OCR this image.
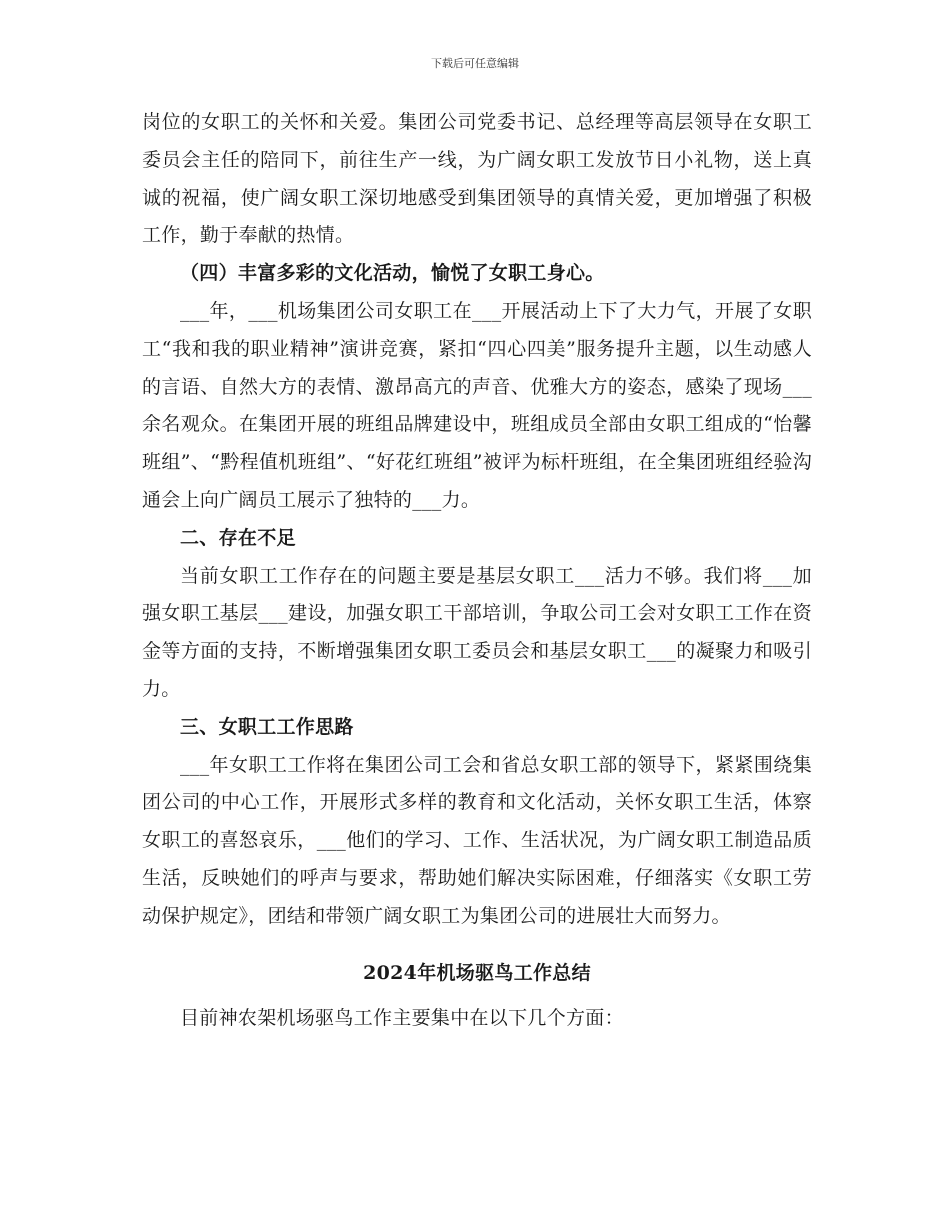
下载后可任意编辑

岗位的女职工的关怀和关爱。集团公司党委书记、总经理等高层领导在女职工委员会主任的陪同下，前往生产一线，为广阔女职工发放节日小礼物，送上真诚的祝福，使广阔女职工深切地感受到集团领导的真情关爱，更加增强了积极工作，勤于奉献的热情。

（四）丰富多彩的文化活动，愉悦了女职工身心。

___年，___机场集团公司女职工在___开展活动上下了大力气，开展了女职工“我和我的职业精神”演讲竞赛，紧扣“四心四美”服务提升主题，以生动感人的言语、自然大方的表情、激昂高亢的声音、优雅大方的姿态，感染了现场___余名观众。在集团开展的班组品牌建设中，班组成员全部由女职工组成的“怡馨班组”、“黔程值机班组”、“好花红班组”被评为标杆班组，在全集团班组经验沟通会上向广阔员工展示了独特的___力。

二、存在不足

当前女职工工作存在的问题主要是基层女职工___活力不够。我们将___加强女职工基层___建设，加强女职工干部培训，争取公司工会对女职工工作在资金等方面的支持，不断增强集团女职工委员会和基层女职工___的凝聚力和吸引力。

三、女职工工作思路

___年女职工工作将在集团公司工会和省总女职工部的领导下，紧紧围绕集团公司的中心工作，开展形式多样的教育和文化活动，关怀女职工生活，体察女职工的喜怒哀乐，___他们的学习、工作、生活状况，为广阔女职工制造品质生活，反映她们的呼声与要求，帮助她们解决实际困难，仔细落实《女职工劳动保护规定》，团结和带领广阔女职工为集团公司的进展壮大而努力。

2024年机场驱鸟工作总结

目前神农架机场驱鸟工作主要集中在以下几个方面：
